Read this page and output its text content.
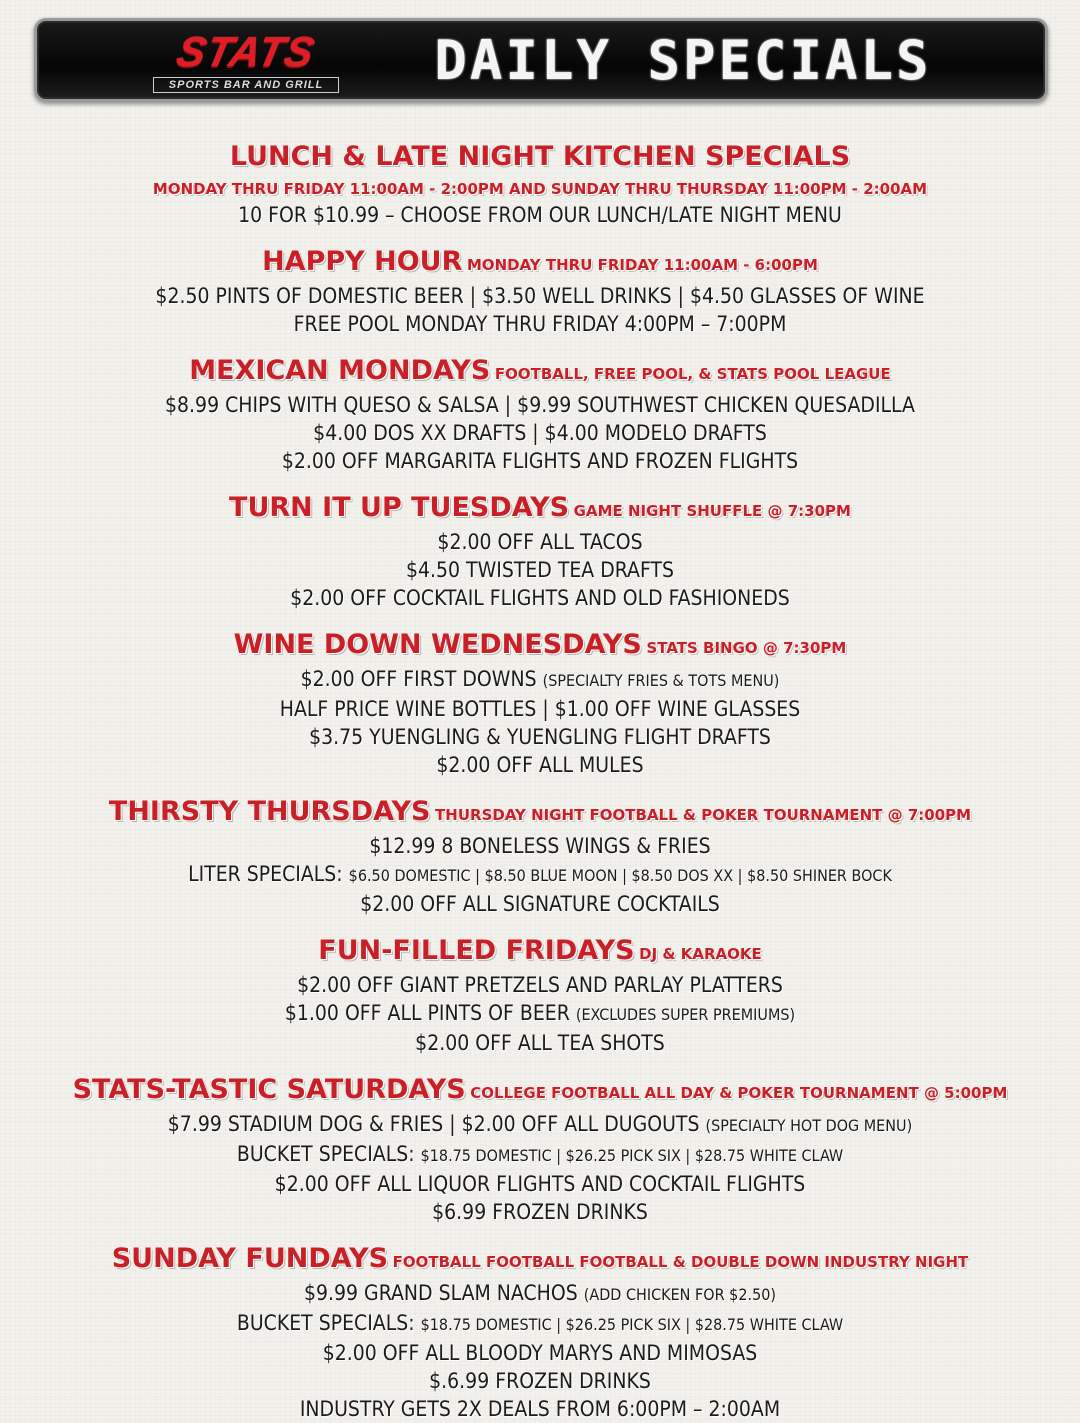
STATS
SPORTS BAR AND GRILL	DAILY SPECIALS
LUNCH & LATE NIGHT KITCHEN SPECIALS
MONDAY THRU FRIDAY 11:00AM - 2:00PM AND SUNDAY THRU THURSDAY 11:00PM - 2:00AM
10 FOR $10.99 – CHOOSE FROM OUR LUNCH/LATE NIGHT MENU
HAPPY HOUR MONDAY THRU FRIDAY 11:00AM - 6:00PM
$2.50 PINTS OF DOMESTIC BEER | $3.50 WELL DRINKS | $4.50 GLASSES OF WINE
FREE POOL MONDAY THRU FRIDAY 4:00PM – 7:00PM
MEXICAN MONDAYS FOOTBALL, FREE POOL, & STATS POOL LEAGUE
$8.99 CHIPS WITH QUESO & SALSA | $9.99 SOUTHWEST CHICKEN QUESADILLA
$4.00 DOS XX DRAFTS | $4.00 MODELO DRAFTS
$2.00 OFF MARGARITA FLIGHTS AND FROZEN FLIGHTS
TURN IT UP TUESDAYS GAME NIGHT SHUFFLE @ 7:30PM
$2.00 OFF ALL TACOS
$4.50 TWISTED TEA DRAFTS
$2.00 OFF COCKTAIL FLIGHTS AND OLD FASHIONEDS
WINE DOWN WEDNESDAYS STATS BINGO @ 7:30PM
$2.00 OFF FIRST DOWNS (SPECIALTY FRIES & TOTS MENU)
HALF PRICE WINE BOTTLES | $1.00 OFF WINE GLASSES
$3.75 YUENGLING & YUENGLING FLIGHT DRAFTS
$2.00 OFF ALL MULES
THIRSTY THURSDAYS THURSDAY NIGHT FOOTBALL & POKER TOURNAMENT @ 7:00PM
$12.99 8 BONELESS WINGS & FRIES
LITER SPECIALS: $6.50 DOMESTIC | $8.50 BLUE MOON | $8.50 DOS XX | $8.50 SHINER BOCK
$2.00 OFF ALL SIGNATURE COCKTAILS
FUN-FILLED FRIDAYS DJ & KARAOKE
$2.00 OFF GIANT PRETZELS AND PARLAY PLATTERS
$1.00 OFF ALL PINTS OF BEER (EXCLUDES SUPER PREMIUMS)
$2.00 OFF ALL TEA SHOTS
STATS-TASTIC SATURDAYS COLLEGE FOOTBALL ALL DAY & POKER TOURNAMENT @ 5:00PM
$7.99 STADIUM DOG & FRIES | $2.00 OFF ALL DUGOUTS (SPECIALTY HOT DOG MENU)
BUCKET SPECIALS: $18.75 DOMESTIC | $26.25 PICK SIX | $28.75 WHITE CLAW
$2.00 OFF ALL LIQUOR FLIGHTS AND COCKTAIL FLIGHTS
$6.99 FROZEN DRINKS
SUNDAY FUNDAYS FOOTBALL FOOTBALL FOOTBALL & DOUBLE DOWN INDUSTRY NIGHT
$9.99 GRAND SLAM NACHOS (ADD CHICKEN FOR $2.50)
BUCKET SPECIALS: $18.75 DOMESTIC | $26.25 PICK SIX | $28.75 WHITE CLAW
$2.00 OFF ALL BLOODY MARYS AND MIMOSAS
$.6.99 FROZEN DRINKS
INDUSTRY GETS 2X DEALS FROM 6:00PM – 2:00AM
